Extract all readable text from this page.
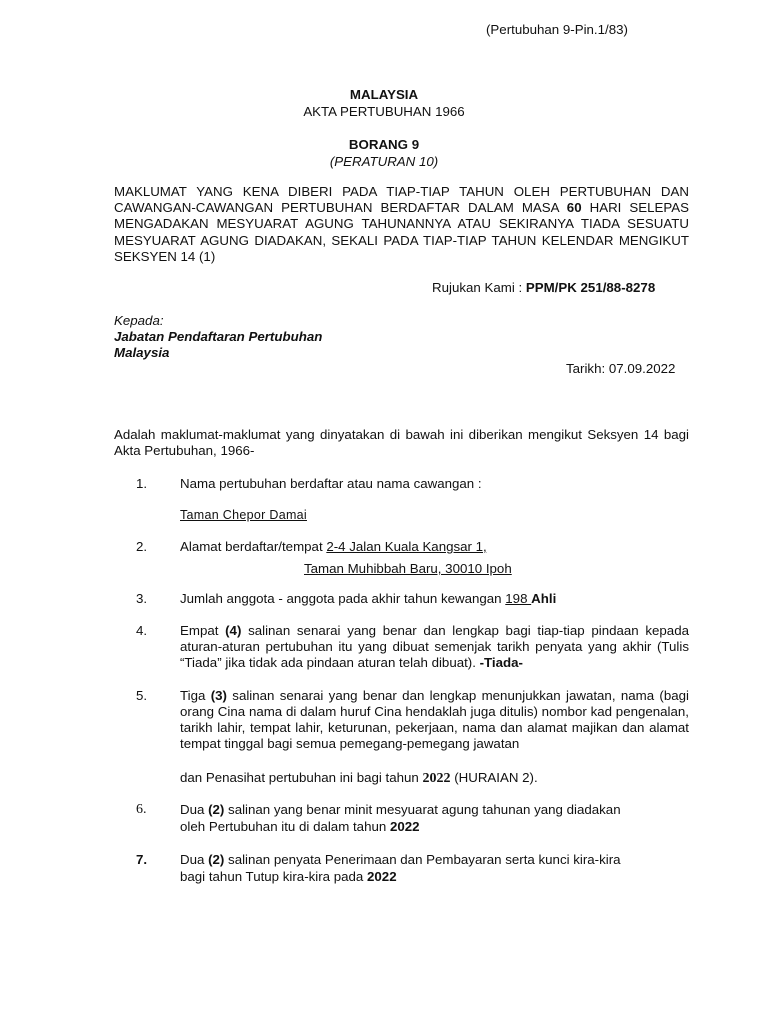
(Pertubuhan 9-Pin.1/83)
MALAYSIA
AKTA PERTUBUHAN 1966
BORANG 9
(PERATURAN 10)
MAKLUMAT YANG KENA DIBERI PADA TIAP-TIAP TAHUN OLEH PERTUBUHAN DAN CAWANGAN-CAWANGAN PERTUBUHAN BERDAFTAR DALAM MASA 60 HARI SELEPAS MENGADAKAN MESYUARAT AGUNG TAHUNANNYA ATAU SEKIRANYA TIADA SESUATU MESYUARAT AGUNG DIADAKAN, SEKALI PADA TIAP-TIAP TAHUN KELENDAR MENGIKUT SEKSYEN 14 (1)
Rujukan Kami : PPM/PK 251/88-8278
Kepada:
Jabatan Pendaftaran Pertubuhan
Malaysia
Tarikh: 07.09.2022
Adalah maklumat-maklumat yang dinyatakan di bawah ini diberikan mengikut Seksyen 14 bagi Akta Pertubuhan, 1966-
1.	Nama pertubuhan berdaftar atau nama cawangan :
Taman Chepor Damai
2.	Alamat berdaftar/tempat 2-4 Jalan Kuala Kangsar 1,
Taman Muhibbah Baru, 30010 Ipoh
3.	Jumlah anggota - anggota pada akhir tahun kewangan 198 Ahli
4.	Empat (4) salinan senarai yang benar dan lengkap bagi tiap-tiap pindaan kepada aturan-aturan pertubuhan itu yang dibuat semenjak tarikh penyata yang akhir (Tulis “Tiada” jika tidak ada pindaan aturan telah dibuat). -Tiada-
5.	Tiga (3) salinan senarai yang benar dan lengkap menunjukkan jawatan, nama (bagi orang Cina nama di dalam huruf Cina hendaklah juga ditulis) nombor kad pengenalan, tarikh lahir, tempat lahir, keturunan, pekerjaan, nama dan alamat majikan dan alamat tempat tinggal bagi semua pemegang-pemegang jawatan
dan Penasihat pertubuhan ini bagi tahun 2022 (HURAIAN 2).
6.	Dua (2) salinan yang benar minit mesyuarat agung tahunan yang diadakan
oleh Pertubuhan itu di dalam tahun 2022
7.	Dua (2) salinan penyata Penerimaan dan Pembayaran serta kunci kira-kira
bagi tahun Tutup kira-kira pada 2022
